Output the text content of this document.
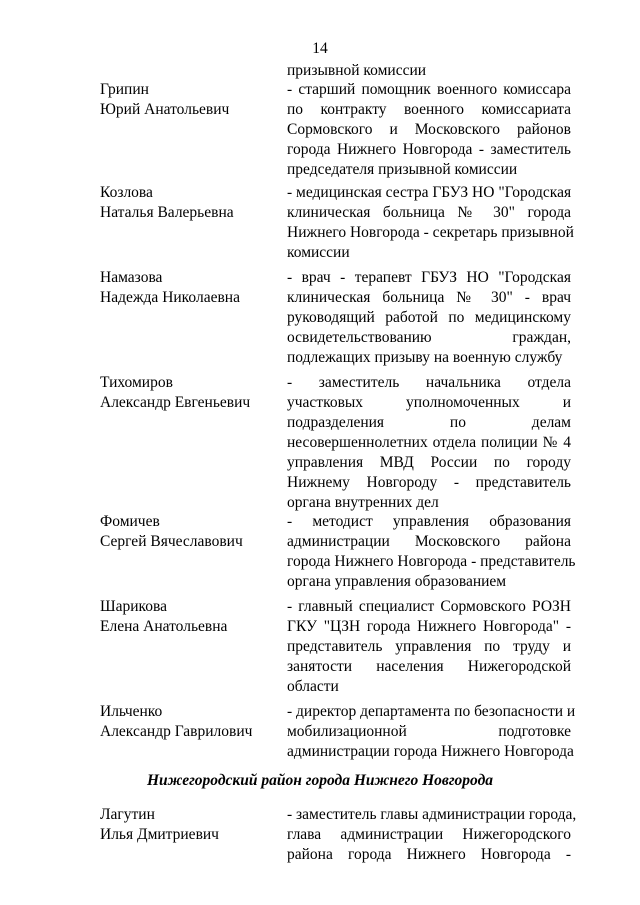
14
призывной комиссии
Грипин
Юрий Анатольевич
- старший помощник военного комиссара
по контракту военного комиссариата
Сормовского и Московского районов
города Нижнего Новгорода - заместитель
председателя призывной комиссии
Козлова
Наталья Валерьевна
- медицинская сестра ГБУЗ НО "Городская
клиническая больница № 30" города
Нижнего Новгорода - секретарь призывной
комиссии
Намазова
Надежда Николаевна
- врач - терапевт ГБУЗ НО "Городская
клиническая больница № 30" - врач
руководящий работой по медицинскому
освидетельствованию граждан,
подлежащих призыву на военную службу
Тихомиров
Александр Евгеньевич
- заместитель начальника отдела
участковых уполномоченных и
подразделения по делам
несовершеннолетних отдела полиции № 4
управления МВД России по городу
Нижнему Новгороду - представитель
органа внутренних дел
Фомичев
Сергей Вячеславович
- методист управления образования
администрации Московского района
города Нижнего Новгорода - представитель
органа управления образованием
Шарикова
Елена Анатольевна
- главный специалист Сормовского РОЗН
ГКУ "ЦЗН города Нижнего Новгорода" -
представитель управления по труду и
занятости населения Нижегородской
области
Ильченко
Александр Гаврилович
- директор департамента по безопасности и
мобилизационной подготовке
администрации города Нижнего Новгорода
Нижегородский район города Нижнего Новгорода
Лагутин
Илья Дмитриевич
- заместитель главы администрации города,
глава администрации Нижегородского
района города Нижнего Новгорода -
